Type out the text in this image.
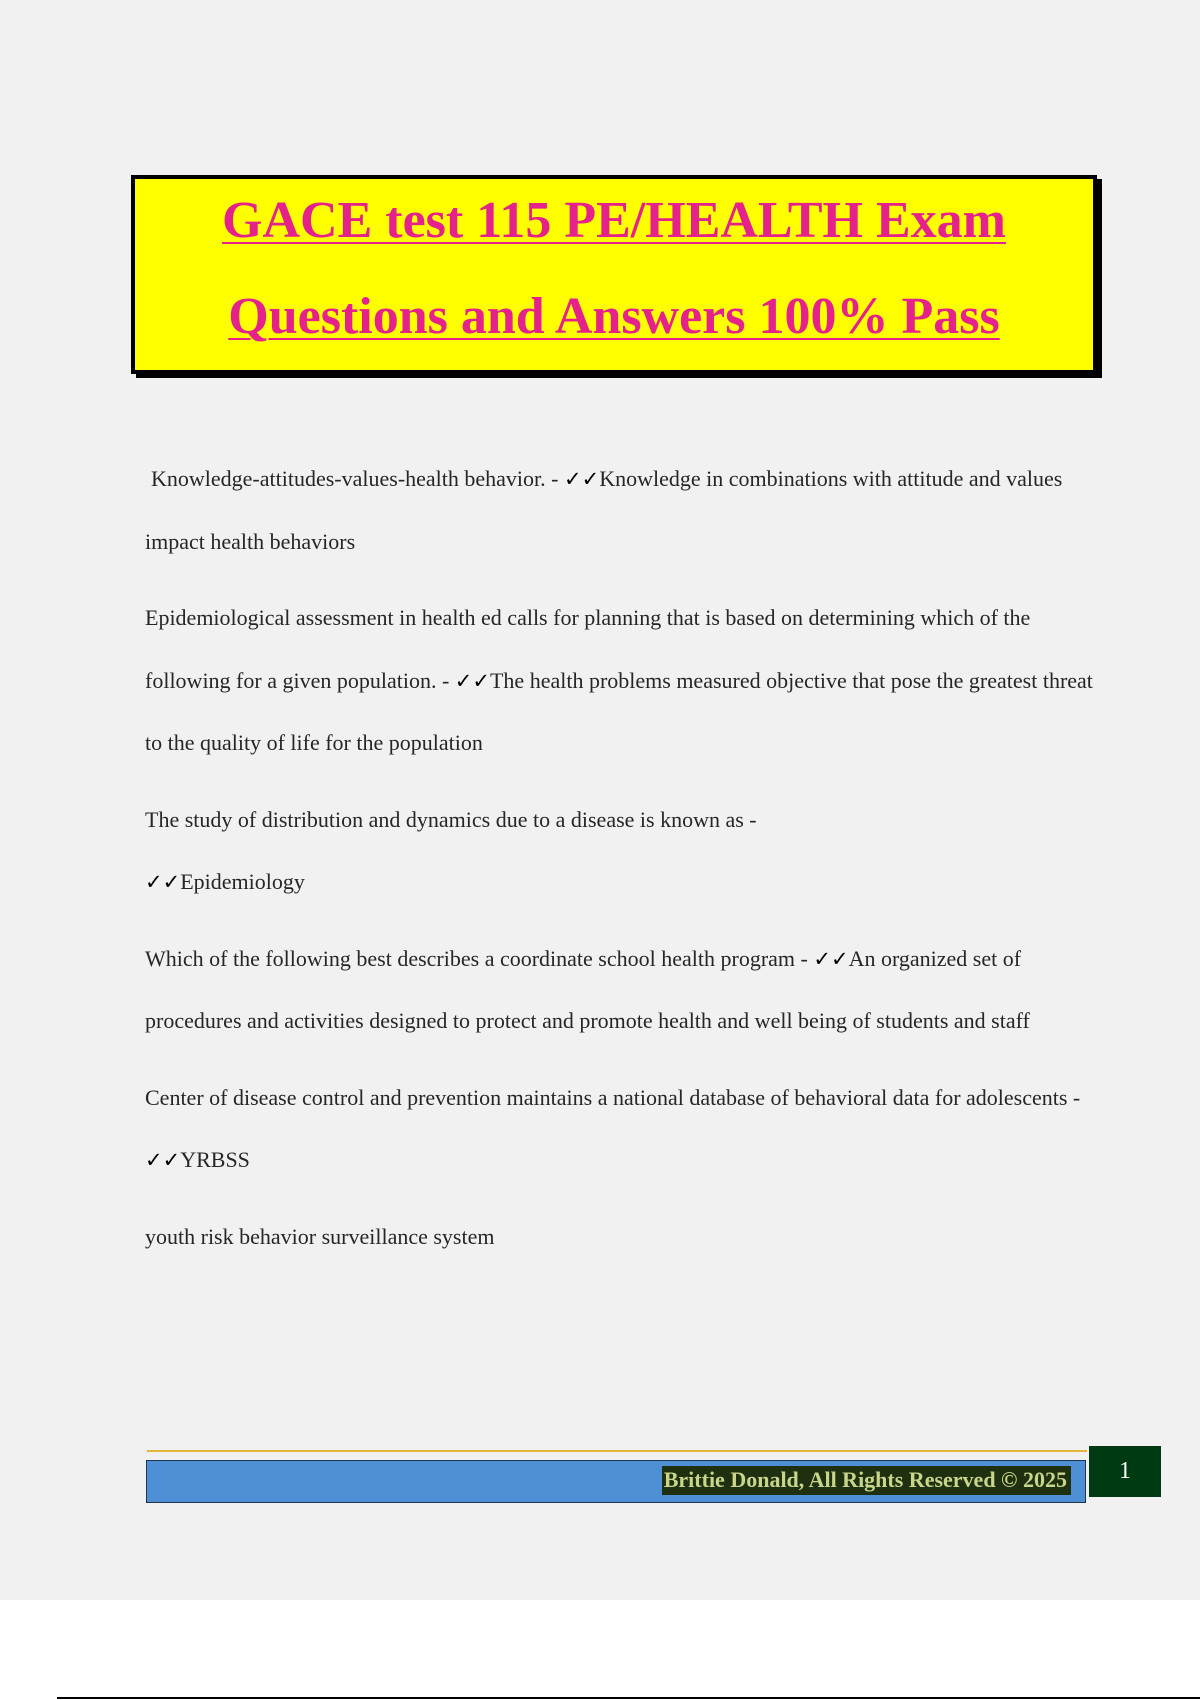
GACE test 115 PE/HEALTH Exam
Questions and Answers 100% Pass

Knowledge-attitudes-values-health behavior. - ✓✓Knowledge in combinations with attitude and values impact health behaviors

Epidemiological assessment in health ed calls for planning that is based on determining which of the following for a given population. - ✓✓The health problems measured objective that pose the greatest threat to the quality of life for the population

The study of distribution and dynamics due to a disease is known as -
✓✓Epidemiology

Which of the following best describes a coordinate school health program - ✓✓An organized set of procedures and activities designed to protect and promote health and well being of students and staff

Center of disease control and prevention maintains a national database of behavioral data for adolescents - ✓✓YRBSS

youth risk behavior surveillance system

Brittie Donald, All Rights Reserved © 2025	1
